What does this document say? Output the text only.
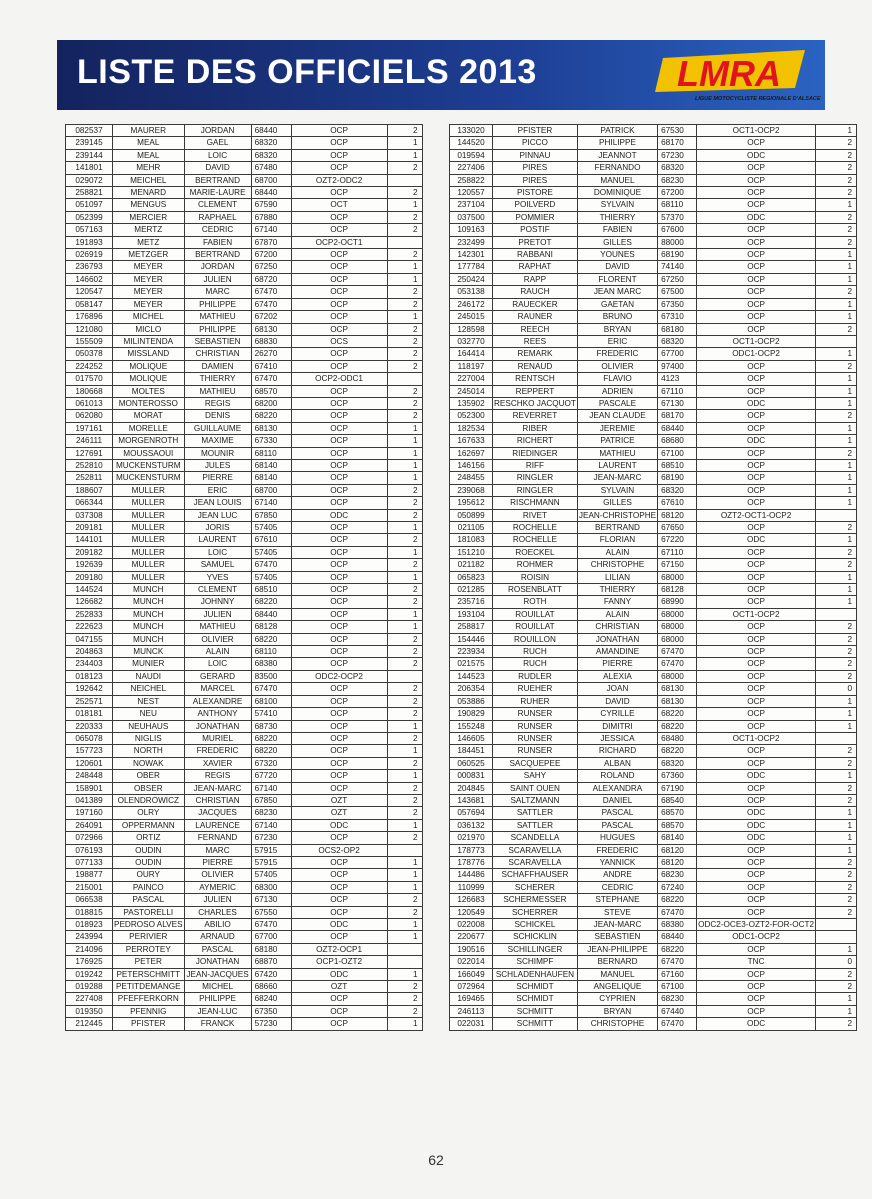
LISTE DES OFFICIELS 2013	LMRA
LIGUE MOTOCYCLISTE REGIONALE D'ALSACE
082537	MAURER	JORDAN	68440	OCP	2
239145	MEAL	GAEL	68320	OCP	1
239144	MEAL	LOIC	68320	OCP	1
141801	MEHR	DAVID	67480	OCP	2
029072	MEICHEL	BERTRAND	68700	OZT2-ODC2	
258821	MENARD	MARIE-LAURE	68440	OCP	2
051097	MENGUS	CLEMENT	67590	OCT	1
052399	MERCIER	RAPHAEL	67880	OCP	2
057163	MERTZ	CEDRIC	67140	OCP	2
191893	METZ	FABIEN	67870	OCP2-OCT1	
026919	METZGER	BERTRAND	67200	OCP	2
236793	MEYER	JORDAN	67250	OCP	1
146602	MEYER	JULIEN	68720	OCP	1
120547	MEYER	MARC	67470	OCP	2
058147	MEYER	PHILIPPE	67470	OCP	2
176896	MICHEL	MATHIEU	67202	OCP	1
121080	MICLO	PHILIPPE	68130	OCP	2
155509	MILINTENDA	SEBASTIEN	68830	OCS	2
050378	MISSLAND	CHRISTIAN	26270	OCP	2
224252	MOLIQUE	DAMIEN	67410	OCP	2
017570	MOLIQUE	THIERRY	67470	OCP2-ODC1	
180668	MOLTES	MATHIEU	68570	OCP	2
061013	MONTEROSSO	REGIS	68200	OCP	2
062080	MORAT	DENIS	68220	OCP	2
197161	MORELLE	GUILLAUME	68130	OCP	1
246111	MORGENROTH	MAXIME	67330	OCP	1
127691	MOUSSAOUI	MOUNIR	68110	OCP	1
252810	MUCKENSTURM	JULES	68140	OCP	1
252811	MUCKENSTURM	PIERRE	68140	OCP	1
188607	MULLER	ERIC	68700	OCP	2
066344	MULLER	JEAN LOUIS	67140	OCP	2
037308	MULLER	JEAN LUC	67850	ODC	2
209181	MULLER	JORIS	57405	OCP	1
144101	MULLER	LAURENT	67610	OCP	2
209182	MULLER	LOIC	57405	OCP	1
192639	MULLER	SAMUEL	67470	OCP	2
209180	MULLER	YVES	57405	OCP	1
144524	MUNCH	CLEMENT	68510	OCP	2
126682	MUNCH	JOHNNY	68220	OCP	2
252833	MUNCH	JULIEN	68440	OCP	1
222623	MUNCH	MATHIEU	68128	OCP	1
047155	MUNCH	OLIVIER	68220	OCP	2
204863	MUNCK	ALAIN	68110	OCP	2
234403	MUNIER	LOIC	68380	OCP	2
018123	NAUDI	GERARD	83500	ODC2-OCP2	
192642	NEICHEL	MARCEL	67470	OCP	2
252571	NEST	ALEXANDRE	68100	OCP	2
018181	NEU	ANTHONY	57410	OCP	2
220333	NEUHAUS	JONATHAN	68730	OCP	1
065078	NIGLIS	MURIEL	68220	OCP	2
157723	NORTH	FREDERIC	68220	OCP	1
120601	NOWAK	XAVIER	67320	OCP	2
248448	OBER	REGIS	67720	OCP	1
158901	OBSER	JEAN-MARC	67140	OCP	2
041389	OLENDROWICZ	CHRISTIAN	67850	OZT	2
197160	OLRY	JACQUES	68230	OZT	2
264091	OPPERMANN	LAURENCE	67140	ODC	1
072966	ORTIZ	FERNAND	67230	OCP	2
076193	OUDIN	MARC	57915	OCS2-OP2	
077133	OUDIN	PIERRE	57915	OCP	1
198877	OURY	OLIVIER	57405	OCP	1
215001	PAINCO	AYMERIC	68300	OCP	1
066538	PASCAL	JULIEN	67130	OCP	2
018815	PASTORELLI	CHARLES	67550	OCP	2
018923	PEDROSO ALVES	ABILIO	67470	ODC	1
243994	PERIVIER	ARNAUD	67700	OCP	1
214096	PERROTEY	PASCAL	68180	OZT2-OCP1	
176925	PETER	JONATHAN	68870	OCP1-OZT2	
019242	PETERSCHMITT	JEAN-JACQUES	67420	ODC	1
019288	PETITDEMANGE	MICHEL	68660	OZT	2
227408	PFEFFERKORN	PHILIPPE	68240	OCP	2
019350	PFENNIG	JEAN-LUC	67350	OCP	2
212445	PFISTER	FRANCK	57230	OCP	1
133020	PFISTER	PATRICK	67530	OCT1-OCP2	1
144520	PICCO	PHILIPPE	68170	OCP	2
019594	PINNAU	JEANNOT	67230	ODC	2
227406	PIRES	FERNANDO	68320	OCP	2
258822	PIRES	MANUEL	68230	OCP	2
120557	PISTORE	DOMINIQUE	67200	OCP	2
237104	POILVERD	SYLVAIN	68110	OCP	1
037500	POMMIER	THIERRY	57370	ODC	2
109163	POSTIF	FABIEN	67600	OCP	2
232499	PRETOT	GILLES	88000	OCP	2
142301	RABBANI	YOUNES	68190	OCP	1
177784	RAPHAT	DAVID	74140	OCP	1
250424	RAPP	FLORENT	67250	OCP	1
053138	RAUCH	JEAN MARC	67500	OCP	2
246172	RAUECKER	GAETAN	67350	OCP	1
245015	RAUNER	BRUNO	67310	OCP	1
128598	REECH	BRYAN	68180	OCP	2
032770	REES	ERIC	68320	OCT1-OCP2	
164414	REMARK	FREDERIC	67700	ODC1-OCP2	1
118197	RENAUD	OLIVIER	97400	OCP	2
227004	RENTSCH	FLAVIO	4123	OCP	1
245014	REPPERT	ADRIEN	67110	OCP	1
135902	RESCHKO JACQUOT	PASCALE	67130	ODC	1
052300	REVERRET	JEAN CLAUDE	68170	OCP	2
182534	RIBER	JEREMIE	68440	OCP	1
167633	RICHERT	PATRICE	68680	ODC	1
162697	RIEDINGER	MATHIEU	67100	OCP	2
146156	RIFF	LAURENT	68510	OCP	1
248455	RINGLER	JEAN-MARC	68190	OCP	1
239068	RINGLER	SYLVAIN	68320	OCP	1
195612	RISCHMANN	GILLES	67610	OCP	1
050899	RIVET	JEAN-CHRISTOPHE	68120	OZT2-OCT1-OCP2	
021105	ROCHELLE	BERTRAND	67650	OCP	2
181083	ROCHELLE	FLORIAN	67220	ODC	1
151210	ROECKEL	ALAIN	67110	OCP	2
021182	ROHMER	CHRISTOPHE	67150	OCP	2
065823	ROISIN	LILIAN	68000	OCP	1
021285	ROSENBLATT	THIERRY	68128	OCP	1
235716	ROTH	FANNY	68990	OCP	1
193104	ROUILLAT	ALAIN	68000	OCT1-OCP2	
258817	ROUILLAT	CHRISTIAN	68000	OCP	2
154446	ROUILLON	JONATHAN	68000	OCP	2
223934	RUCH	AMANDINE	67470	OCP	2
021575	RUCH	PIERRE	67470	OCP	2
144523	RUDLER	ALEXIA	68000	OCP	2
206354	RUEHER	JOAN	68130	OCP	0
053886	RUHER	DAVID	68130	OCP	1
190829	RUNSER	CYRILLE	68220	OCP	1
155248	RUNSER	DIMITRI	68220	OCP	1
146605	RUNSER	JESSICA	68480	OCT1-OCP2	
184451	RUNSER	RICHARD	68220	OCP	2
060525	SACQUEPEE	ALBAN	68320	OCP	2
000831	SAHY	ROLAND	67360	ODC	1
204845	SAINT OUEN	ALEXANDRA	67190	OCP	2
143681	SALTZMANN	DANIEL	68540	OCP	2
057694	SATTLER	PASCAL	68570	ODC	1
036132	SATTLER	PASCAL	68570	ODC	1
021970	SCANDELLA	HUGUES	68140	ODC	1
178773	SCARAVELLA	FREDERIC	68120	OCP	1
178776	SCARAVELLA	YANNICK	68120	OCP	2
144486	SCHAFFHAUSER	ANDRE	68230	OCP	2
110999	SCHERER	CEDRIC	67240	OCP	2
126683	SCHERMESSER	STEPHANE	68220	OCP	2
120549	SCHERRER	STEVE	67470	OCP	2
022008	SCHICKEL	JEAN-MARC	68380	ODC2-OCE3-OZT2-FOR-OCT2	
220677	SCHICKLIN	SEBASTIEN	68440	ODC1-OCP2	
190516	SCHILLINGER	JEAN-PHILIPPE	68220	OCP	1
022014	SCHIMPF	BERNARD	67470	TNC	0
166049	SCHLADENHAUFEN	MANUEL	67160	OCP	2
072964	SCHMIDT	ANGELIQUE	67100	OCP	2
169465	SCHMIDT	CYPRIEN	68230	OCP	1
246113	SCHMITT	BRYAN	67440	OCP	1
022031	SCHMITT	CHRISTOPHE	67470	ODC	2
62
